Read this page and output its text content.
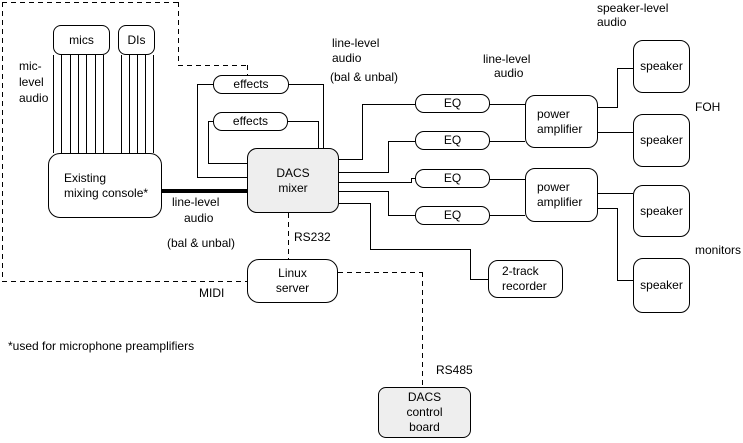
mics	DIs
Existing
mixing console*
effects
effects
DACS
mixer
EQ
EQ
EQ
EQ
power
amplifier
power
amplifier
speaker
speaker
speaker
speaker
2-track
recorder
Linux
server
DACS
control
board
mic-
level
audio
line-level
audio
(bal & unbal)
line-level
audio
(bal & unbal)
line-level
audio
speaker-level
audio
FOH
monitors
RS232
MIDI
RS485
*used for microphone preamplifiers
